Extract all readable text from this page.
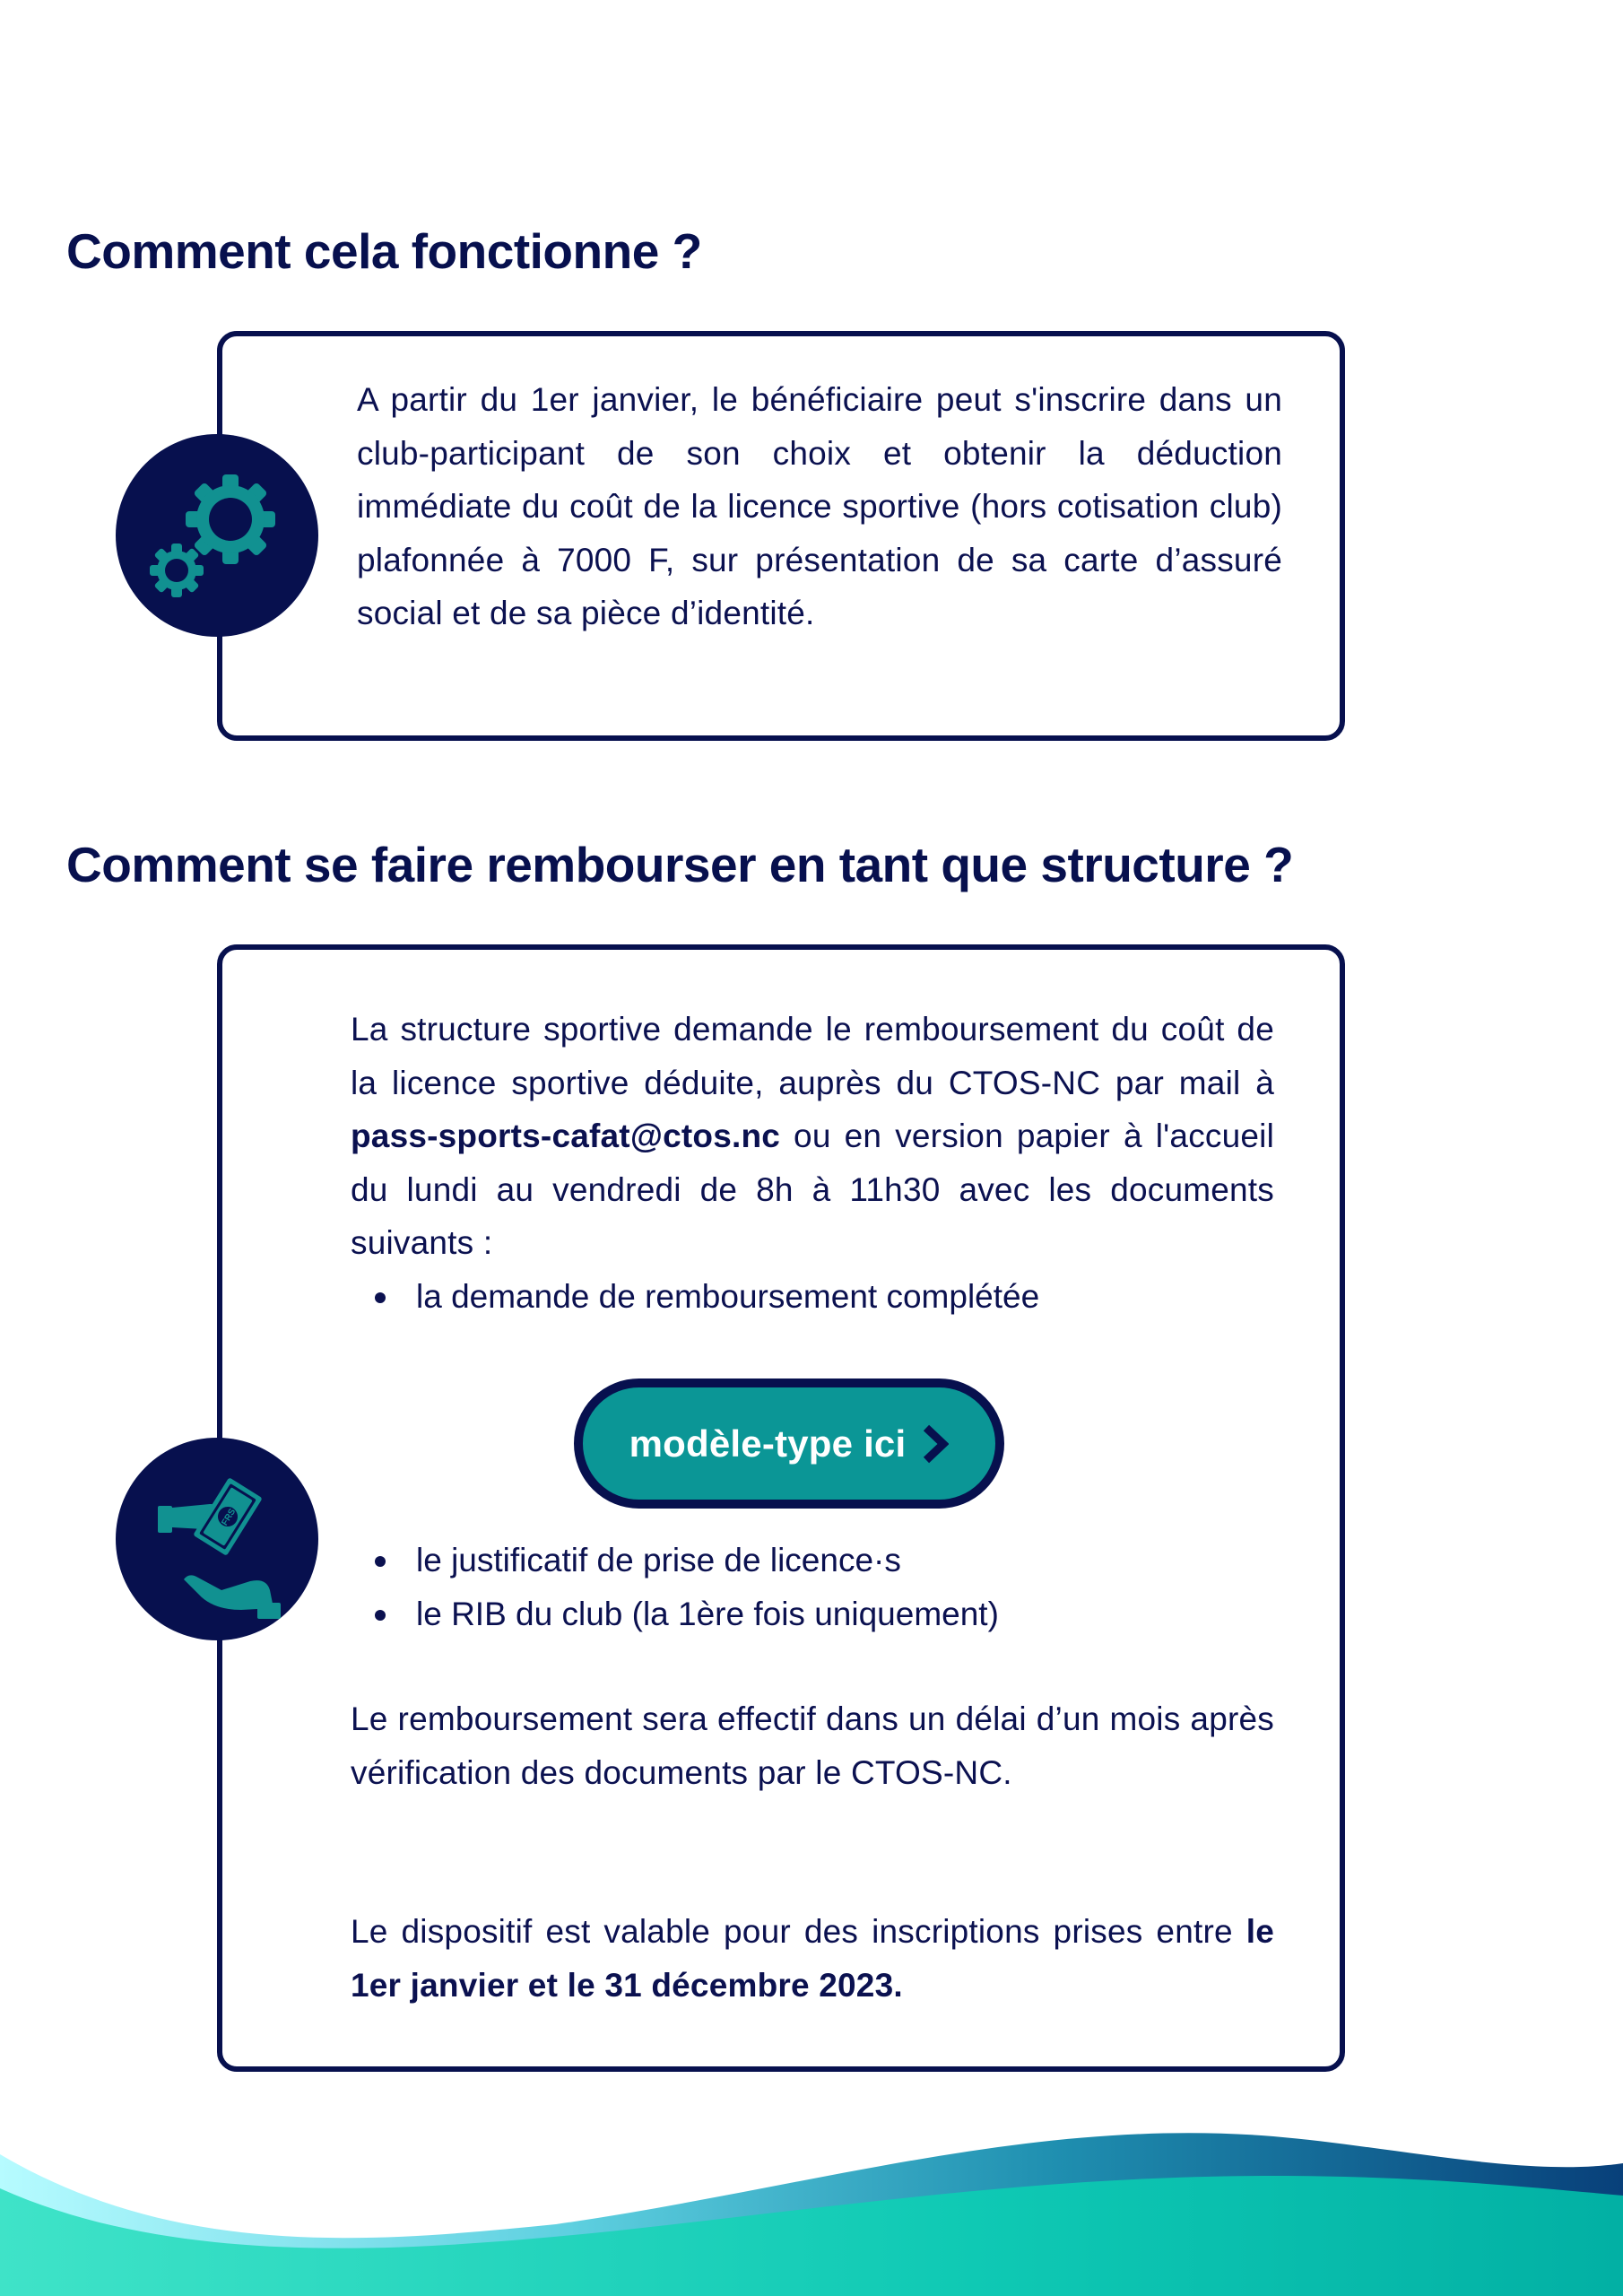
Comment cela fonctionne ?

A partir du 1er janvier, le bénéficiaire peut s'inscrire dans un club-participant de son choix et obtenir la déduction immédiate du coût de la licence sportive (hors cotisation club) plafonnée à 7000 F, sur présentation de sa carte d’assuré social et de sa pièce d’identité.

Comment se faire rembourser en tant que structure ?
FRS

La structure sportive demande le remboursement du coût de la licence sportive déduite, auprès du CTOS-NC par mail à pass-sports-cafat@ctos.nc ou en version papier à l'accueil du lundi au vendredi de 8h à 11h30 avec les documents suivants :

la demande de remboursement complétée
modèle-type ici
le justificatif de prise de licence·s
le RIB du club (la 1ère fois uniquement)

Le remboursement sera effectif dans un délai d’un mois après vérification des documents par le CTOS-NC.

Le dispositif est valable pour des inscriptions prises entre le 1er janvier et le 31 décembre 2023.
